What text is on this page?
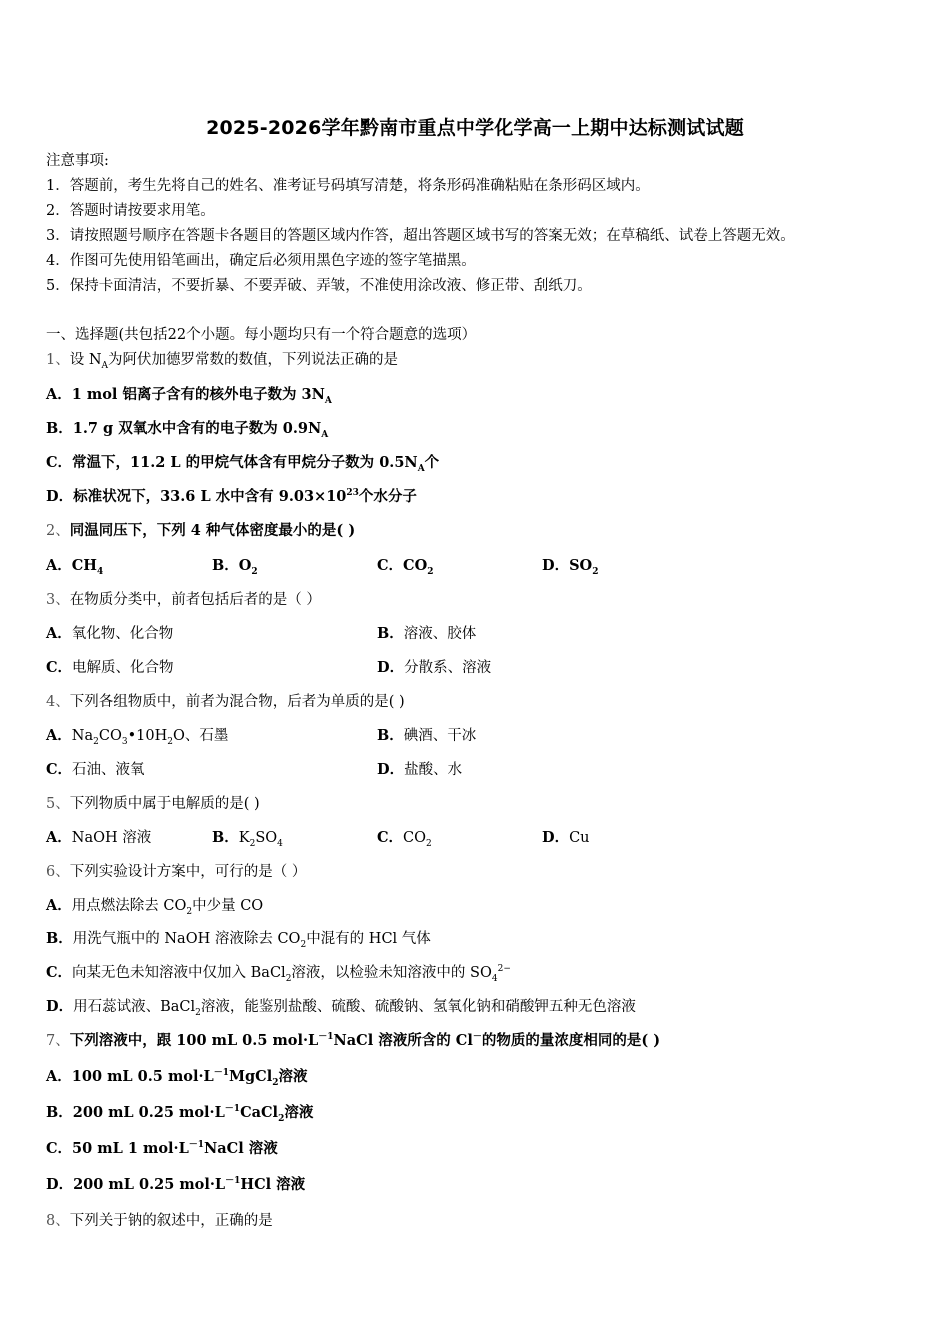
2025-2026学年黔南市重点中学化学高一上期中达标测试试题
注意事项:
1．答题前，考生先将自己的姓名、准考证号码填写清楚，将条形码准确粘贴在条形码区域内。
2．答题时请按要求用笔。
3．请按照题号顺序在答题卡各题目的答题区域内作答，超出答题区域书写的答案无效；在草稿纸、试卷上答题无效。
4．作图可先使用铅笔画出，确定后必须用黑色字迹的签字笔描黑。
5．保持卡面清洁，不要折暴、不要弄破、弄皱，不准使用涂改液、修正带、刮纸刀。
一、选择题(共包括22个小题。每小题均只有一个符合题意的选项）
1、设 $N_A$为阿伏加德罗常数的数值，下列说法正确的是
A．1 mol 铝离子含有的核外电子数为 $3N_A$
B．1.7 g 双氧水中含有的电子数为 $0.9N_A$
C．常温下，11.2 L 的甲烷气体含有甲烷分子数为 $0.5N_A$个
D．标准状况下，33.6 L 水中含有 $9.03\times 10^{23}$个水分子
2、同温同压下，下列 4 种气体密度最小的是( )
A．$CH_4$	B．$O_2$	C．$CO_2$	D．$SO_2$
3、在物质分类中，前者包括后者的是（ ）
A．氧化物、化合物	B．溶液、胶体
C．电解质、化合物	D．分散系、溶液
4、下列各组物质中，前者为混合物，后者为单质的是( )
A．$Na_2CO_3•10H_2O$、石墨	B．碘酒、干冰
C．石油、液氧	D．盐酸、水
5、下列物质中属于电解质的是( )
A．NaOH 溶液	B．$K_2SO_4$	C．$CO_2$	D．Cu
6、下列实验设计方案中，可行的是（ ）
A．用点燃法除去 $CO_2$中少量 CO
B．用洗气瓶中的 NaOH 溶液除去 $CO_2$中混有的 HCl 气体
C．向某无色未知溶液中仅加入 BaCl$_2$溶液，以检验未知溶液中的 $SO_4^{2-}$
D．用石蕊试液、BaCl$_2$溶液，能鉴别盐酸、硫酸、硫酸钠、氢氧化钠和硝酸钾五种无色溶液
7、下列溶液中，跟 100 mL 0.5 $mol\cdot L^{-1}NaCl$ 溶液所含的 Cl－的物质的量浓度相同的是( )
A．100 mL 0.5 $mol\cdot L^{-1}MgCl_2$溶液
B．200 mL 0.25 $mol\cdot L^{-1}CaCl_2$溶液
C．50 mL 1 $mol\cdot L^{-1}NaCl$ 溶液
D．200 mL 0.25 $mol\cdot L^{-1}HCl$ 溶液
8、下列关于钠的叙述中，正确的是
